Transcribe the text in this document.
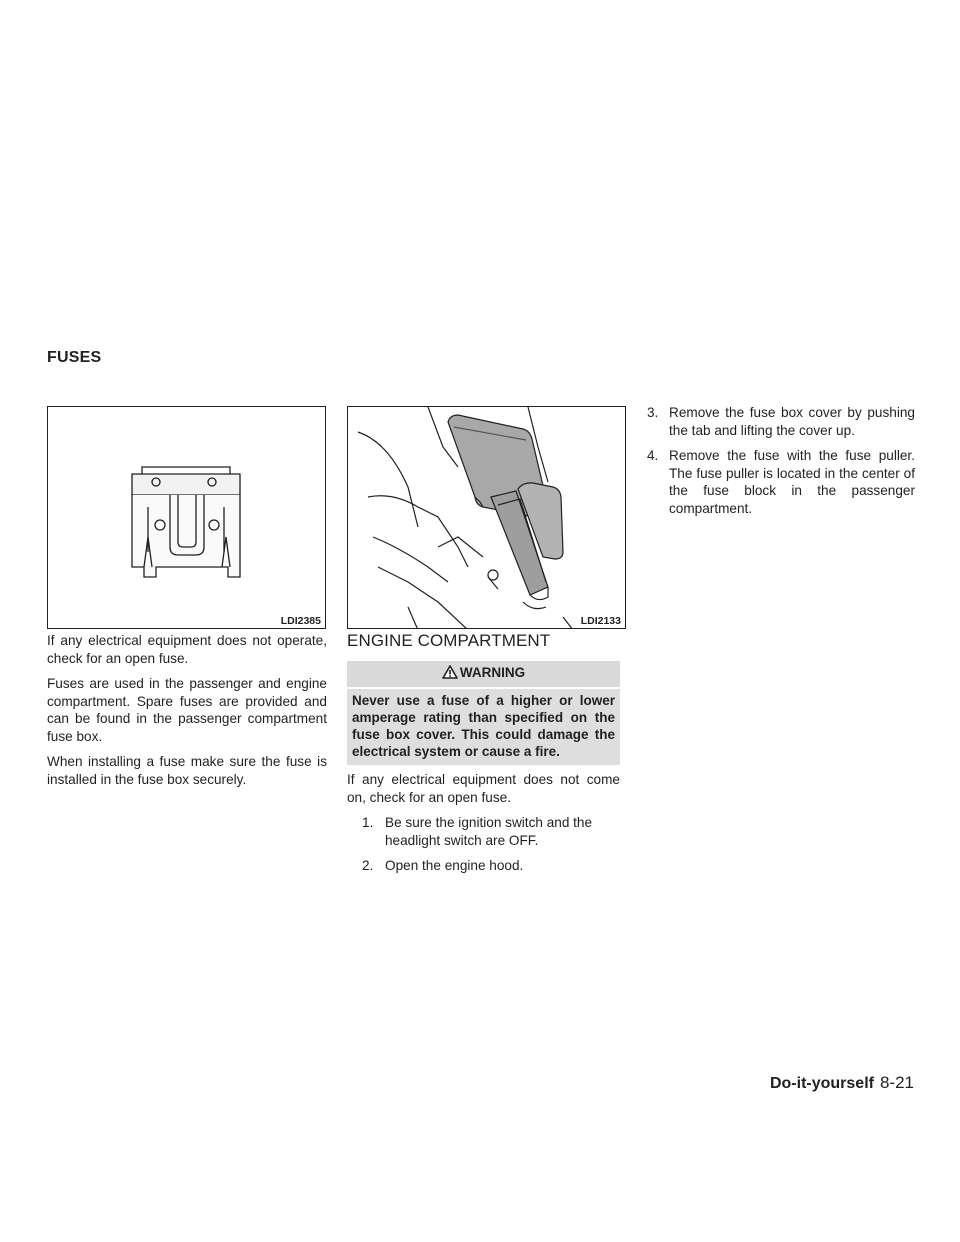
FUSES
LDI2385	LDI2133

If any electrical equipment does not operate, check for an open fuse.

Fuses are used in the passenger and engine compartment. Spare fuses are provided and can be found in the passenger compartment fuse box.

When installing a fuse make sure the fuse is installed in the fuse box securely.

ENGINE COMPARTMENT
WARNING
Never use a fuse of a higher or lower amperage rating than specified on the fuse box cover. This could damage the electrical system or cause a fire.

If any electrical equipment does not come on, check for an open fuse.

1. Be sure the ignition switch and the headlight switch are OFF.
2. Open the engine hood.
3. Remove the fuse box cover by pushing the tab and lifting the cover up.
4. Remove the fuse with the fuse puller. The fuse puller is located in the center of the fuse block in the passenger compartment.
Do-it-yourself 8-21
